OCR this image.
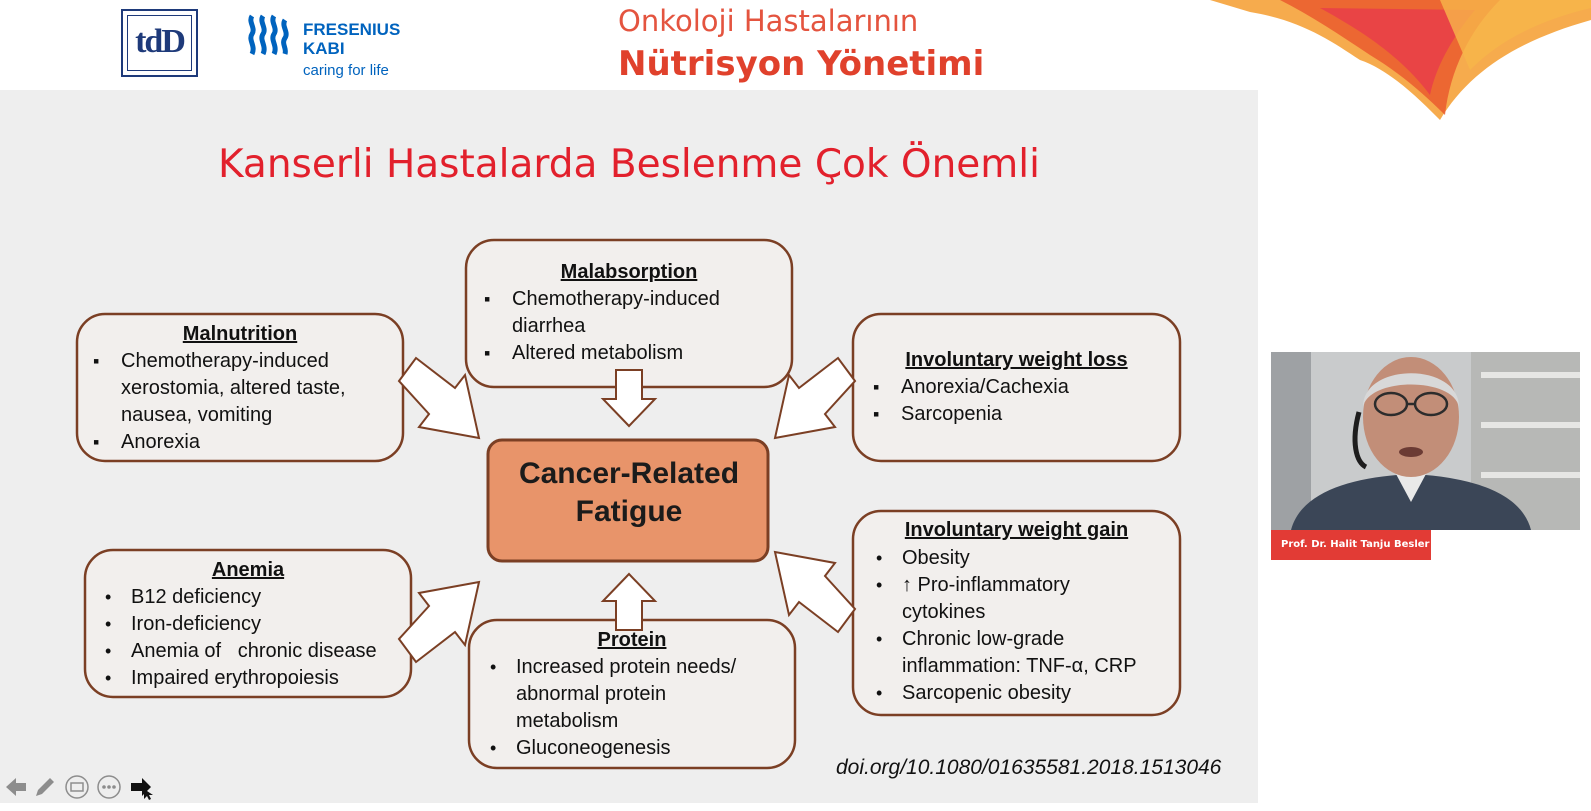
tdD	FRESENIUS
KABI
caring for life
Onkoloji Hastalarının
Nütrisyon Yönetimi
Kanserli Hastalarda Beslenme Çok Önemli
Malabsorption
▪ Chemotherapy-induced diarrhea
▪ Altered metabolism
Malnutrition
▪ Chemotherapy-induced xerostomia, altered taste, nausea, vomiting
▪ Anorexia
Involuntary weight loss
▪ Anorexia/Cachexia
▪ Sarcopenia
Cancer-Related
Fatigue
Anemia
• B12 deficiency
• Iron-deficiency
• Anemia of   chronic disease
• Impaired erythropoiesis
Protein
• Increased protein needs/ abnormal protein metabolism
• Gluconeogenesis
Involuntary weight gain
• Obesity
• ↑ Pro-inflammatory cytokines
• Chronic low-grade inflammation: TNF-α, CRP
• Sarcopenic obesity
doi.org/10.1080/01635581.2018.1513046
Prof. Dr. Halit Tanju Besler
